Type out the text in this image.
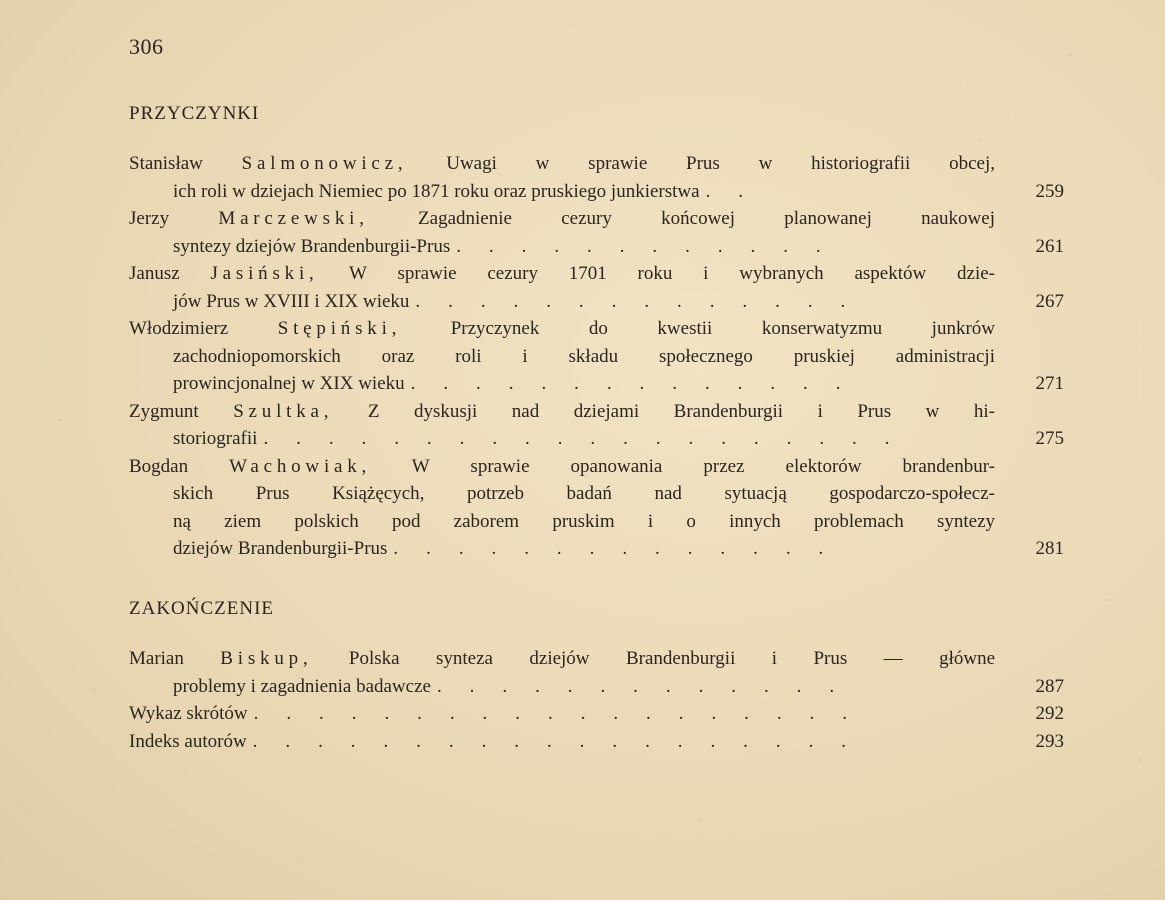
306
PRZYCZYNKI
Stanisław Salmonowicz, Uwagi w sprawie Prus w historiografii obcej,
ich roli w dziejach Niemiec po 1871 roku oraz pruskiego junkierstwa . .	259
Jerzy	Marczewski, Zagadnienie cezury końcowej planowanej naukowej
syntezy dziejów Brandenburgii-Prus . . . . . . . . . . . .	261
Janusz Jasiński, W sprawie cezury 1701 roku i wybranych aspektów dzie-
jów Prus w XVIII i XIX wieku . . . . . . . . . . . . . .	267
Włodzimierz	Stępiński, Przyczynek do kwestii konserwatyzmu junkrów
zachodniopomorskich oraz roli i składu społecznego pruskiej administracji
prowincjonalnej w XIX wieku . . . . . . . . . . . . . .	271
Zygmunt Szultka, Z dyskusji nad dziejami Brandenburgii i Prus w hi-
storiografii . . . . . . . . . . . . . . . . . . . .	275
Bogdan Wachowiak, W sprawie opanowania przez elektorów brandenbur-
skich Prus Książęcych, potrzeb badań nad sytuacją gospodarczo-społecz-
ną ziem polskich pod zaborem pruskim i o innych problemach syntezy
dziejów Brandenburgii-Prus . . . . . . . . . . . . . .	281
ZAKOŃCZENIE
Marian Biskup, Polska synteza dziejów Brandenburgii i Prus — główne
problemy i zagadnienia badawcze . . . . . . . . . . . . .	287
Wykaz skrótów . . . . . . . . . . . . . . . . . . .	292
Indeks autorów . . . . . . . . . . . . . . . . . . .	293
